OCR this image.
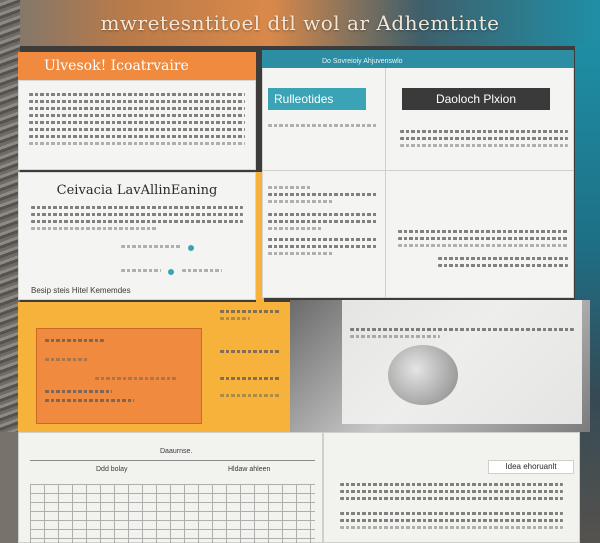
mwretesntitoel dtl wol ar Adhemtinte
Ulvesok! Icoatrvaire
Ceivacia LavAllinEaning

Besip steis Hitel Kememdes
Do Sovreioiy Ahjuvenswlo
Rulleotides	Daoloch Plxion
Daaurnse.
Ddd bolay	Hldaw ahleen	Idea ehoruanlt
